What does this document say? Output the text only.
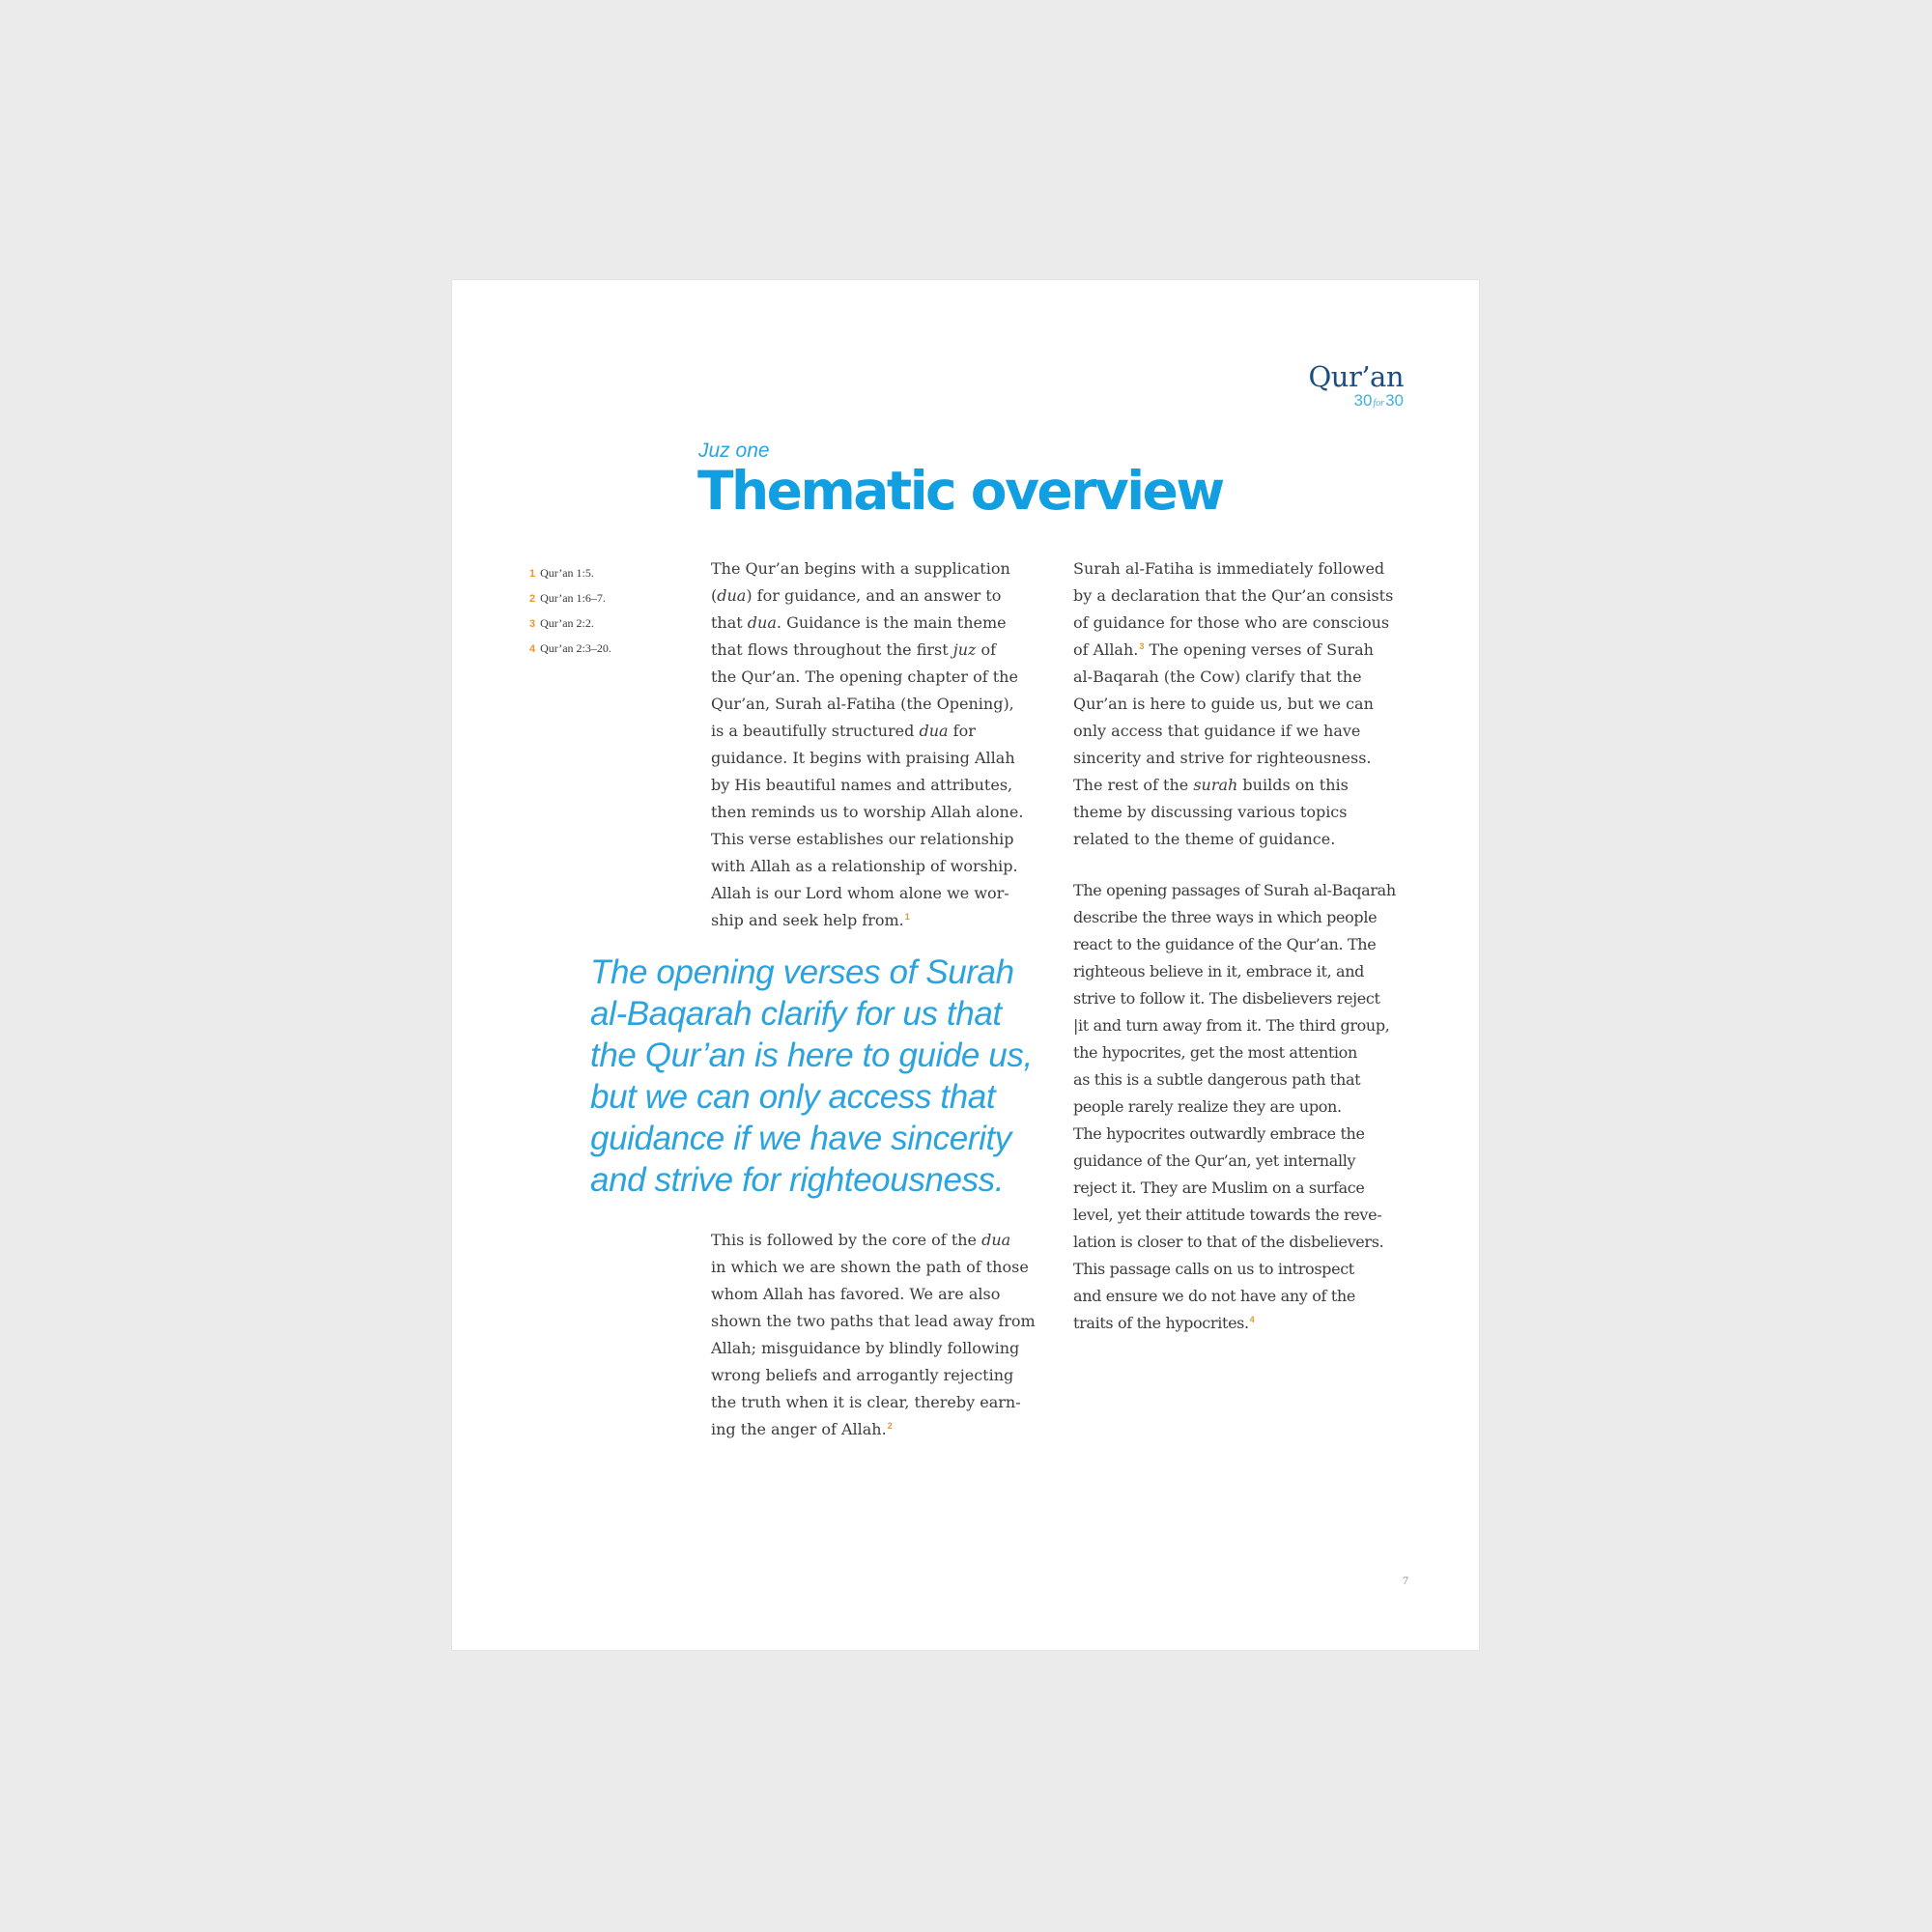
Qur’an
30for30
Juz one
Thematic overview
1 Qur’an 1:5.
2 Qur’an 1:6–7.
3 Qur’an 2:2.
4 Qur’an 2:3–20.

The Qur’an begins with a supplication

(dua) for guidance, and an answer to

that dua. Guidance is the main theme

that flows throughout the first juz of

the Qur’an. The opening chapter of the

Qur’an, Surah al-Fatiha (the Opening),

is a beautifully structured dua for

guidance. It begins with praising Allah

by His beautiful names and attributes,

then reminds us to worship Allah alone.

This verse establishes our relationship

with Allah as a relationship of worship.

Allah is our Lord whom alone we wor-

ship and seek help from.$^1$

The opening verses of Surah
al-Baqarah clarify for us that
the Qur’an is here to guide us,
but we can only access that
guidance if we have sincerity
and strive for righteousness.

This is followed by the core of the dua

in which we are shown the path of those

whom Allah has favored. We are also

shown the two paths that lead away from

Allah; misguidance by blindly following

wrong beliefs and arrogantly rejecting

the truth when it is clear, thereby earn-

ing the anger of Allah.$^2$

Surah al-Fatiha is immediately followed

by a declaration that the Qur’an consists

of guidance for those who are conscious

of Allah.$^3$ The opening verses of Surah

al-Baqarah (the Cow) clarify that the

Qur’an is here to guide us, but we can

only access that guidance if we have

sincerity and strive for righteousness.

The rest of the surah builds on this

theme by discussing various topics

related to the theme of guidance.

The opening passages of Surah al-Baqarah

describe the three ways in which people

react to the guidance of the Qur’an. The

righteous believe in it, embrace it, and

strive to follow it. The disbelievers reject

|it and turn away from it. The third group,

the hypocrites, get the most attention

as this is a subtle dangerous path that

people rarely realize they are upon.

The hypocrites outwardly embrace the

guidance of the Qur’an, yet internally

reject it. They are Muslim on a surface

level, yet their attitude towards the reve-

lation is closer to that of the disbelievers.

This passage calls on us to introspect

and ensure we do not have any of the

traits of the hypocrites.$^4$

7
